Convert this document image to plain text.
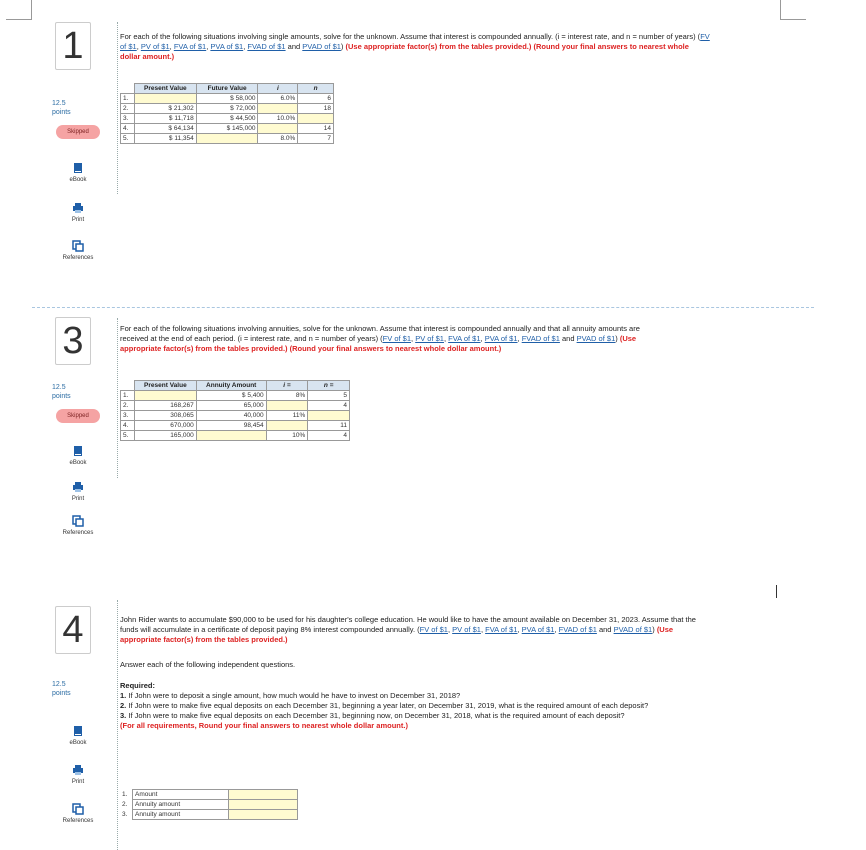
1
12.5
points
Skipped
eBook
Print
References
For each of the following situations involving single amounts, solve for the unknown. Assume that interest is compounded annually. (i = interest rate, and n = number of years) (FV of $1, PV of $1, FVA of $1, PVA of $1, FVAD of $1 and PVAD of $1) (Use appropriate factor(s) from the tables provided.) (Round your final answers to nearest whole dollar amount.)
	Present Value	Future Value	i	n
1.		$ 58,000	6.0%	6
2.	$ 21,302	$ 72,000		18
3.	$ 11,718	$ 44,500	10.0%	
4.	$ 64,134	$ 145,000		14
5.	$ 11,354		8.0%	7
3
12.5
points
Skipped
eBook
Print
References
For each of the following situations involving annuities, solve for the unknown. Assume that interest is compounded annually and that all annuity amounts are received at the end of each period. (i = interest rate, and n = number of years) (FV of $1, PV of $1, FVA of $1, PVA of $1, FVAD of $1 and PVAD of $1) (Use appropriate factor(s) from the tables provided.) (Round your final answers to nearest whole dollar amount.)
	Present Value	Annuity Amount	i =	n =
1.		$ 5,400	8%	5
2.	168,267	65,000		4
3.	308,065	40,000	11%	
4.	670,000	98,454		11
5.	165,000		10%	4
4
12.5
points
eBook
Print
References
John Rider wants to accumulate $90,000 to be used for his daughter's college education. He would like to have the amount available on December 31, 2023. Assume that the funds will accumulate in a certificate of deposit paying 8% interest compounded annually. (FV of $1, PV of $1, FVA of $1, PVA of $1, FVAD of $1 and PVAD of $1) (Use appropriate factor(s) from the tables provided.)
Answer each of the following independent questions.
Required:
1. If John were to deposit a single amount, how much would he have to invest on December 31, 2018?
2. If John were to make five equal deposits on each December 31, beginning a year later, on December 31, 2019, what is the required amount of each deposit?
3. If John were to make five equal deposits on each December 31, beginning now, on December 31, 2018, what is the required amount of each deposit?
(For all requirements, Round your final answers to nearest whole dollar amount.)
1.	Amount	
2.	Annuity amount	
3.	Annuity amount	
